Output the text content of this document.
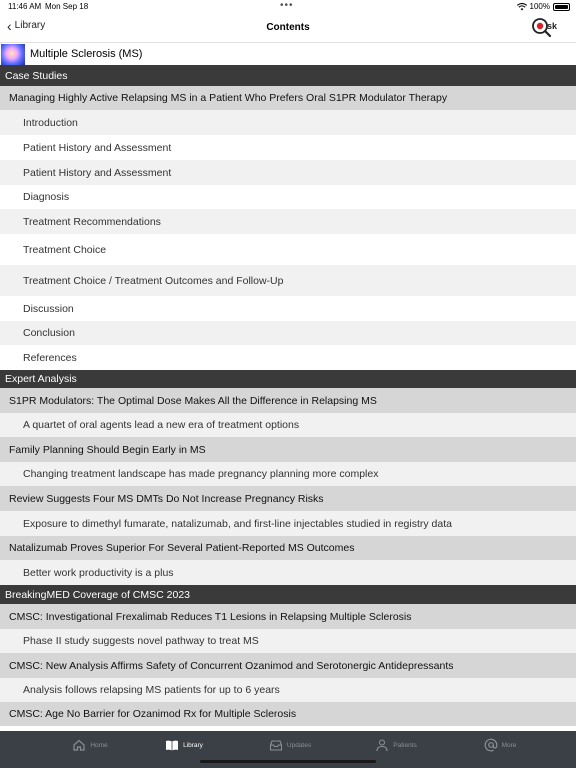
11:46 AM Mon Sep 18	•••	100%
‹ Library	Contents	sk
Multiple Sclerosis (MS)
Case Studies
Managing Highly Active Relapsing MS in a Patient Who Prefers Oral S1PR Modulator Therapy
Introduction
Patient History and Assessment
Patient History and Assessment
Diagnosis
Treatment Recommendations
Treatment Choice
Treatment Choice / Treatment Outcomes and Follow-Up
Discussion
Conclusion
References
Expert Analysis
S1PR Modulators: The Optimal Dose Makes All the Difference in Relapsing MS
A quartet of oral agents lead a new era of treatment options
Family Planning Should Begin Early in MS
Changing treatment landscape has made pregnancy planning more complex
Review Suggests Four MS DMTs Do Not Increase Pregnancy Risks
Exposure to dimethyl fumarate, natalizumab, and first-line injectables studied in registry data
Natalizumab Proves Superior For Several Patient-Reported MS Outcomes
Better work productivity is a plus
BreakingMED Coverage of CMSC 2023
CMSC: Investigational Frexalimab Reduces T1 Lesions in Relapsing Multiple Sclerosis
Phase II study suggests novel pathway to treat MS
CMSC: New Analysis Affirms Safety of Concurrent Ozanimod and Serotonergic Antidepressants
Analysis follows relapsing MS patients for up to 6 years
CMSC: Age No Barrier for Ozanimod Rx for Multiple Sclerosis
Home	Library	Updates	Patients	More
